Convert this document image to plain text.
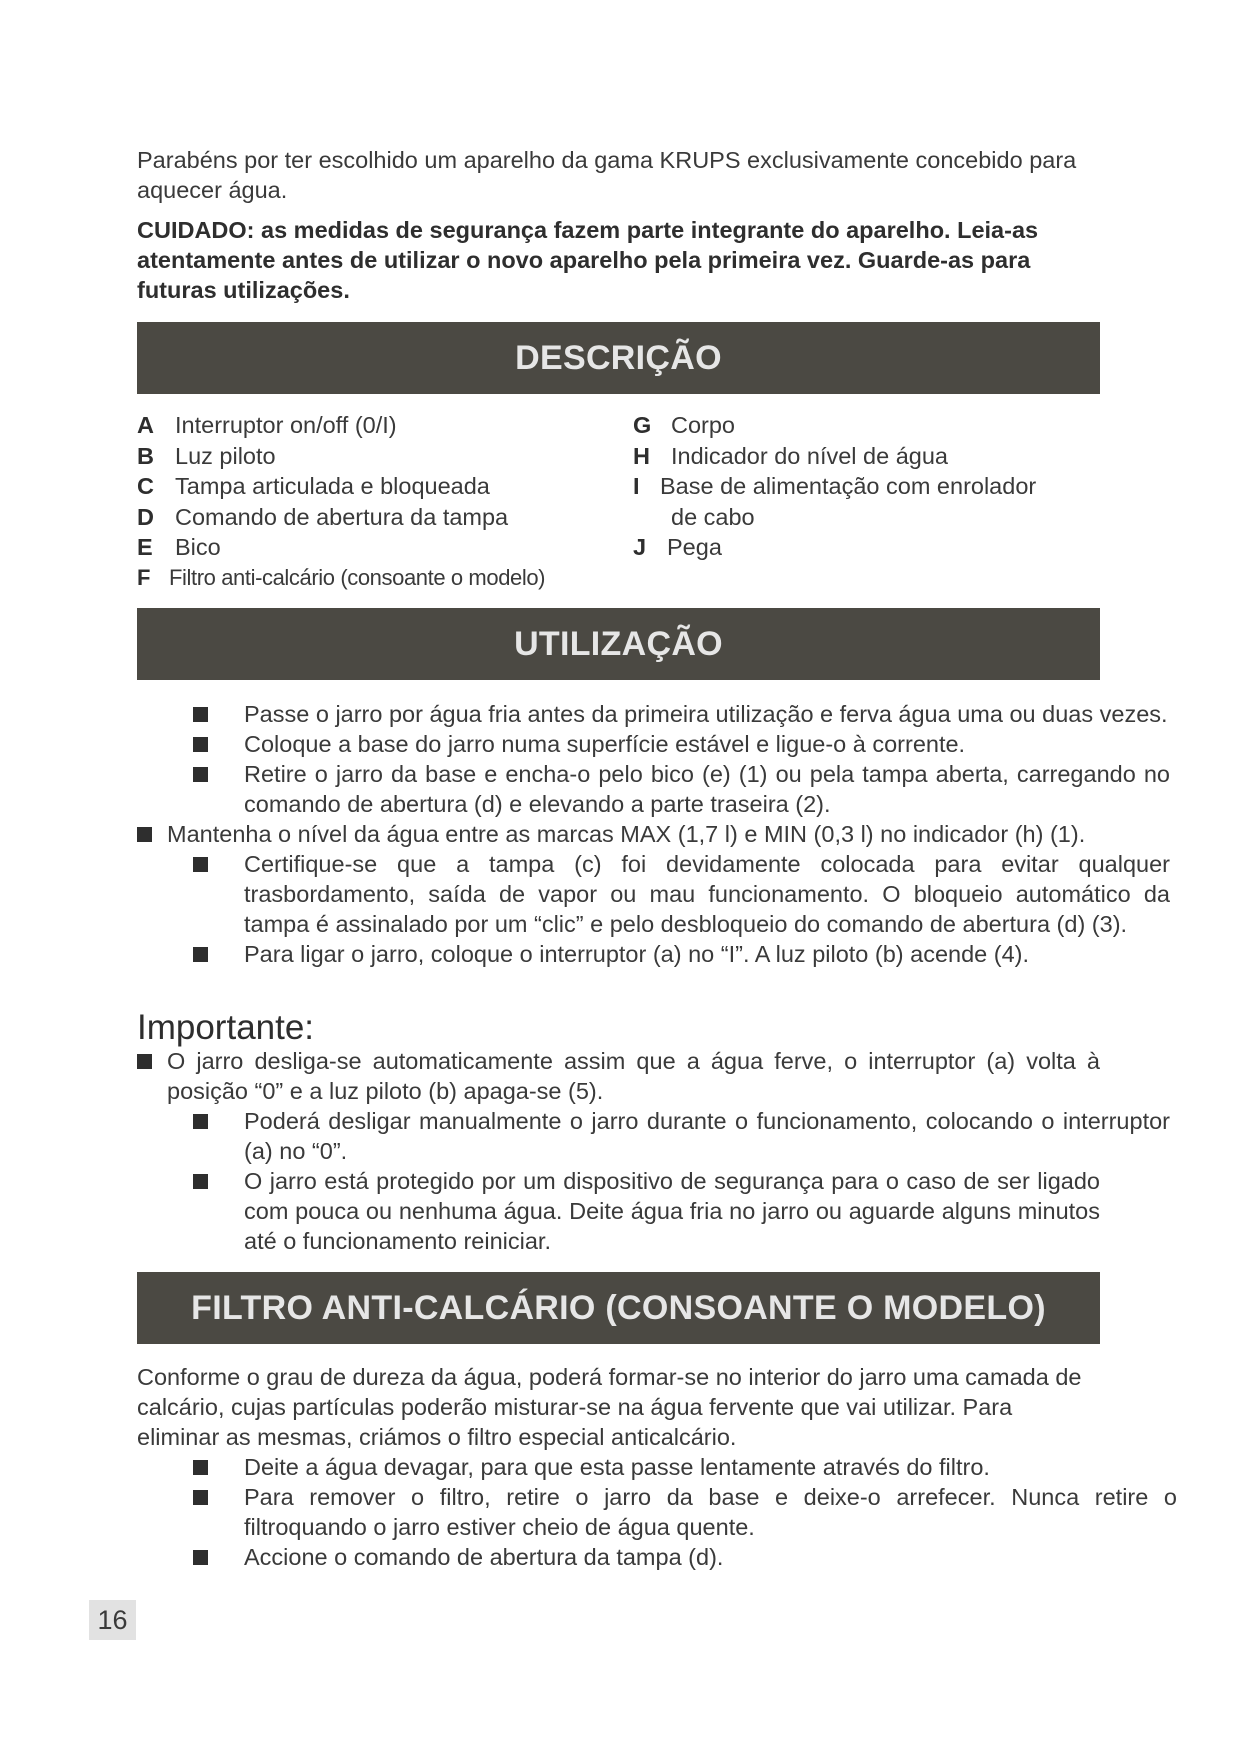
Parabéns por ter escolhido um aparelho da gama KRUPS exclusivamente concebido para aquecer água.

CUIDADO: as medidas de segurança fazem parte integrante do aparelho. Leia-as atentamente antes de utilizar o novo aparelho pela primeira vez. Guarde-as para futuras utilizações.

DESCRIÇÃO
A Interruptor on/off (0/I)
B Luz piloto
C Tampa articulada e bloqueada
D Comando de abertura da tampa
E Bico
F Filtro anti-calcário (consoante o modelo)
G Corpo
H Indicador do nível de água
I Base de alimentação com enrolador
de cabo
J Pega
UTILIZAÇÃO

Passe o jarro por água fria antes da primeira utilização e ferva água uma ou duas vezes.

Coloque a base do jarro numa superfície estável e ligue-o à corrente.

Retire o jarro da base e encha-o pelo bico (e) (1) ou pela tampa aberta, carregando no comando de abertura (d) e elevando a parte traseira (2).

Mantenha o nível da água entre as marcas MAX (1,7 l) e MIN (0,3 l) no indicador (h) (1).

Certifique-se que a tampa (c) foi devidamente colocada para evitar qualquer trasbordamento, saída de vapor ou mau funcionamento. O bloqueio automático da tampa é assinalado por um “clic” e pelo desbloqueio do comando de abertura (d) (3).

Para ligar o jarro, coloque o interruptor (a) no “I”. A luz piloto (b) acende (4).

Importante:

O jarro desliga-se automaticamente assim que a água ferve, o interruptor (a) volta à posição “0” e a luz piloto (b) apaga-se (5).

Poderá desligar manualmente o jarro durante o funcionamento, colocando o interruptor (a) no “0”.

O jarro está protegido por um dispositivo de segurança para o caso de ser ligado com pouca ou nenhuma água. Deite água fria no jarro ou aguarde alguns minutos até o funcionamento reiniciar.

FILTRO ANTI-CALCÁRIO (CONSOANTE O MODELO)

Conforme o grau de dureza da água, poderá formar-se no interior do jarro uma camada de calcário, cujas partículas poderão misturar-se na água fervente que vai utilizar. Para eliminar as mesmas, criámos o filtro especial anticalcário.

Deite a água devagar, para que esta passe lentamente através do filtro.

Para remover o filtro, retire o jarro da base e deixe-o arrefecer. Nunca retire o filtroquando o jarro estiver cheio de água quente.

Accione o comando de abertura da tampa (d).

16
